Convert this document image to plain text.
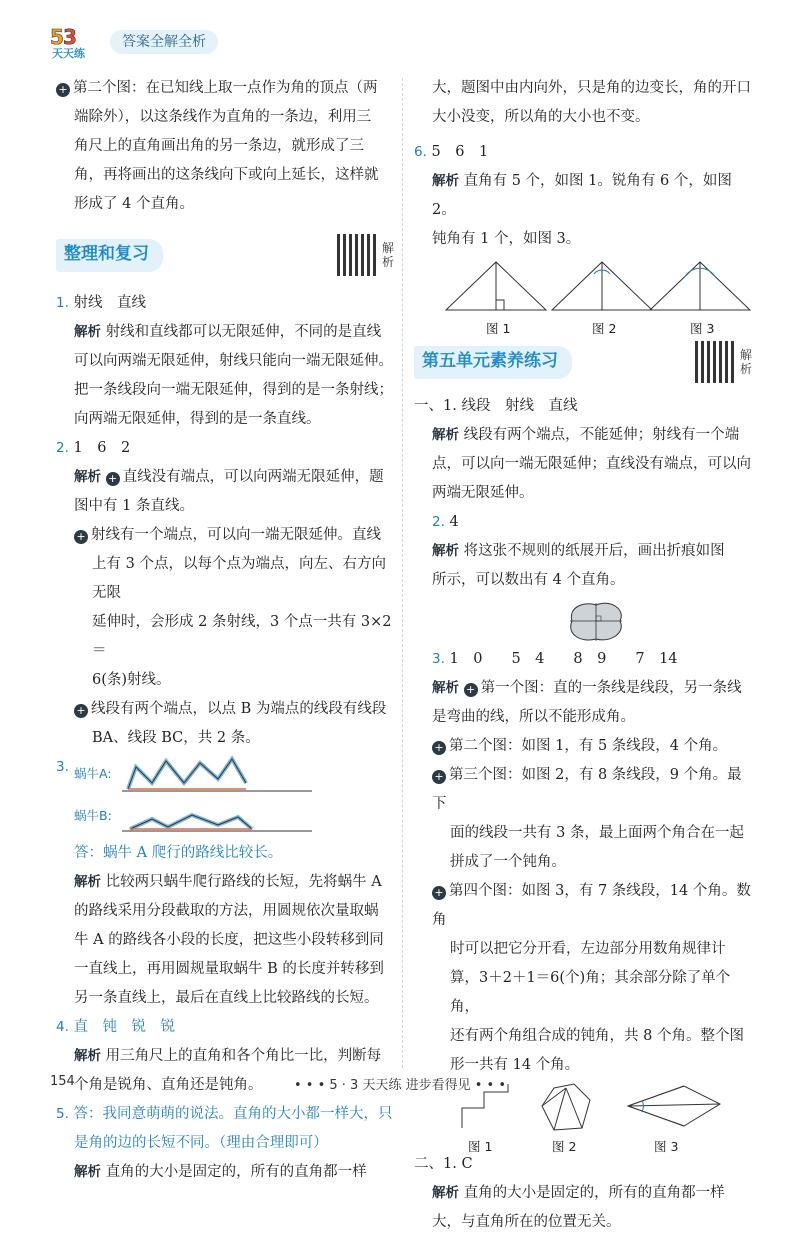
5 3
天天练
答案全解全析
+ 第二个图：在已知线上取一点作为角的顶点（两
端除外），以这条线作为直角的一条边，利用三
角尺上的直角画出角的另一条边，就形成了三
角，再将画出的这条线向下或向上延长，这样就
形成了 4 个直角。
整理和复习	解析
1. 射线　直线
解析 射线和直线都可以无限延伸，不同的是直线
可以向两端无限延伸，射线只能向一端无限延伸。
把一条线段向一端无限延伸，得到的是一条射线；
向两端无限延伸，得到的是一条直线。
2. 1　6　2
解析 + 直线没有端点，可以向两端无限延伸，题
图中有 1 条直线。
+ 射线有一个端点，可以向一端无限延伸。直线
上有 3 个点，以每个点为端点，向左、右方向无限
延伸时，会形成 2 条射线，3 个点一共有 3×2＝
6(条)射线。
+ 线段有两个端点，以点 B 为端点的线段有线段
BA、线段 BC，共 2 条。
3. 蜗牛A:
蜗牛B:
答：蜗牛 A 爬行的路线比较长。
解析 比较两只蜗牛爬行路线的长短，先将蜗牛 A
的路线采用分段截取的方法，用圆规依次量取蜗
牛 A 的路线各小段的长度，把这些小段转移到同
一直线上，再用圆规量取蜗牛 B 的长度并转移到
另一条直线上，最后在直线上比较路线的长短。
4. 直　钝　锐　锐
解析 用三角尺上的直角和各个角比一比，判断每
个角是锐角、直角还是钝角。
5. 答：我同意萌萌的说法。直角的大小都一样大，只
是角的边的长短不同。（理由合理即可）
解析 直角的大小是固定的，所有的直角都一样
大，题图中由内向外，只是角的边变长，角的开口
大小没变，所以角的大小也不变。
6. 5　6　1
解析 直角有 5 个，如图 1。锐角有 6 个，如图 2。
钝角有 1 个，如图 3。
图 1	图 2	图 3
第五单元素养练习	解析
一、1. 线段　射线　直线
解析 线段有两个端点，不能延伸；射线有一个端
点，可以向一端无限延伸；直线没有端点，可以向
两端无限延伸。
2. 4
解析 将这张不规则的纸展开后，画出折痕如图
所示，可以数出有 4 个直角。
3. 1　0　　5　4　　8　9　　7　14
解析 + 第一个图：直的一条线是线段，另一条线
是弯曲的线，所以不能形成角。
+ 第二个图：如图 1，有 5 条线段，4 个角。
+ 第三个图：如图 2，有 8 条线段，9 个角。最下
面的线段一共有 3 条，最上面两个角合在一起
拼成了一个钝角。
+ 第四个图：如图 3，有 7 条线段，14 个角。数角
时可以把它分开看，左边部分用数角规律计
算，3＋2＋1＝6(个)角；其余部分除了单个角，
还有两个角组合成的钝角，共 8 个角。整个图
形一共有 14 个角。
图 1	图 2	图 3
二、1. C
解析 直角的大小是固定的，所有的直角都一样
大，与直角所在的位置无关。
154	• • • 5 · 3 天天练 进步看得见 • • •
